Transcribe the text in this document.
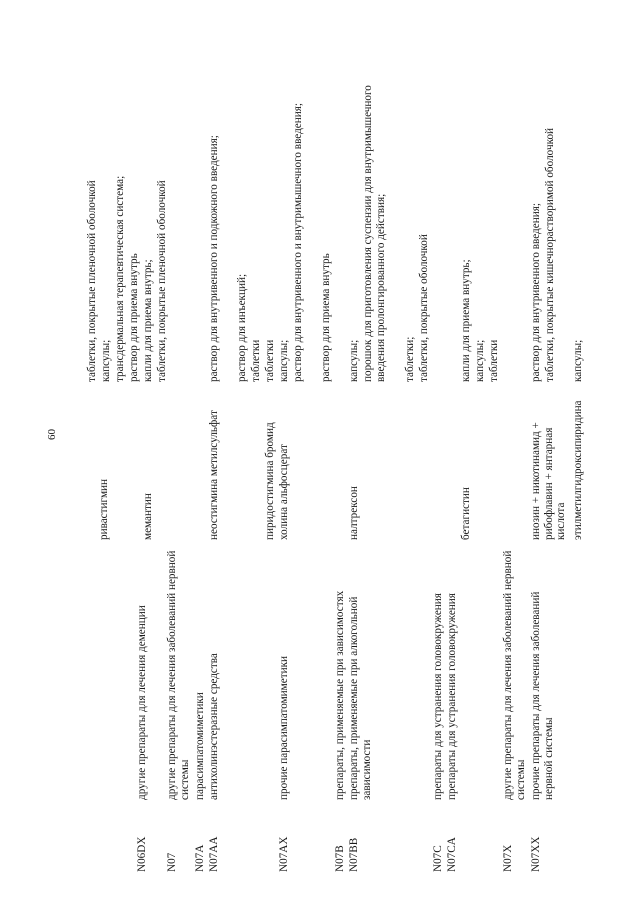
60
N06DX
другие препараты для лечения деменции
ривастигмин
таблетки, покрытые пленочной оболочкой капсулы; трансдермальная терапевтическая система; раствор для приема внутрь
мемантин
капли для приема внутрь; таблетки, покрытые пленочной оболочкой
N07
другие препараты для лечения заболеваний нервной системы
N07A
парасимпатомиметики
N07AA
антихолинэстеразные средства
неостигмина метилсульфат
раствор для внутривенного и подкожного введения; раствор для инъекций; таблетки
пиридостигмина бромид
таблетки
N07AX
прочие парасимпатомиметики
холина альфосцерат
капсулы; раствор для внутривенного и внутримышечного введения; раствор для приема внутрь
N07B
препараты, применяемые при зависимостях
N07BB
препараты, применяемые при алкогольной зависимости
налтрексон
капсулы; порошок для приготовления суспензии для внутримышечного введения пролонгированного действия; таблетки; таблетки, покрытые оболочкой
N07C
препараты для устранения головокружения
N07CA
препараты для устранения головокружения
бетагистин
капли для приема внутрь; капсулы; таблетки
N07X
другие препараты для лечения заболеваний нервной системы
N07XX
прочие препараты для лечения заболеваний нервной системы
инозин + никотинамид + рибофлавин + янтарная кислота
раствор для внутривенного введения; таблетки, покрытые кишечнорастворимой оболочкой
этилметилгидроксипиридина
капсулы;
